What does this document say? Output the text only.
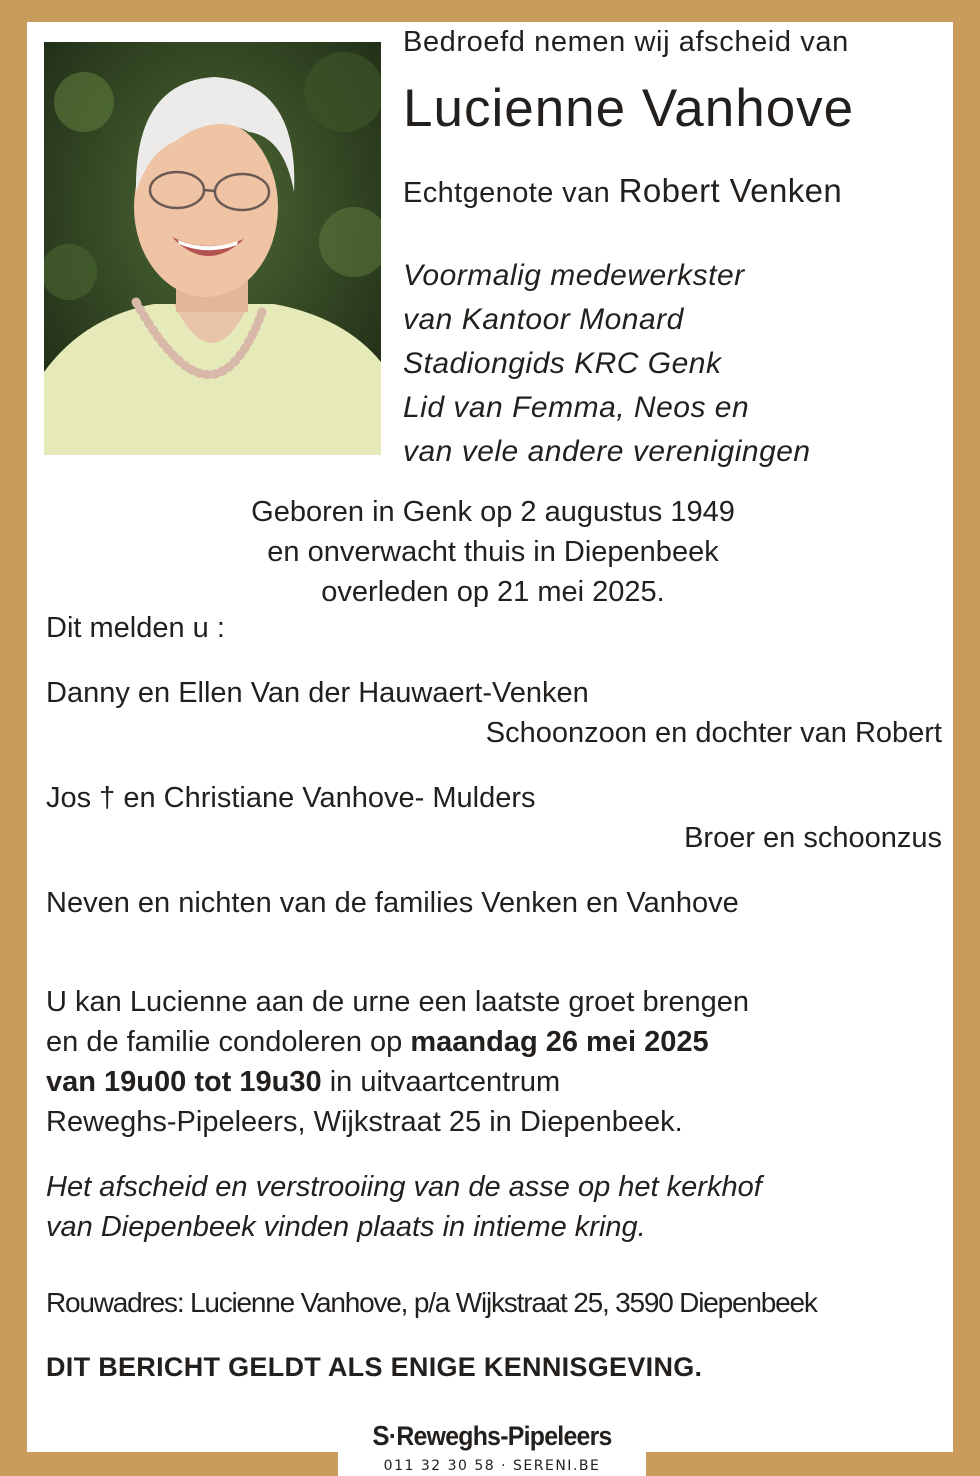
Bedroefd nemen wij afscheid van
Lucienne Vanhove
Echtgenote van Robert Venken
Voormalig medewerkster
van Kantoor Monard
Stadiongids KRC Genk
Lid van Femma, Neos en
van vele andere verenigingen
Geboren in Genk op 2 augustus 1949
en onverwacht thuis in Diepenbeek
overleden op 21 mei 2025.
Dit melden u :
Danny en Ellen Van der Hauwaert-Venken
Schoonzoon en dochter van Robert
Jos † en Christiane Vanhove- Mulders
Broer en schoonzus
Neven en nichten van de families Venken en Vanhove
U kan Lucienne aan de urne een laatste groet brengen
en de familie condoleren op maandag 26 mei 2025
van 19u00 tot 19u30 in uitvaartcentrum
Reweghs-Pipeleers, Wijkstraat 25 in Diepenbeek.
Het afscheid en verstrooiing van de asse op het kerkhof
van Diepenbeek vinden plaats in intieme kring.
Rouwadres: Lucienne Vanhove, p/a Wijkstraat 25, 3590 Diepenbeek
DIT BERICHT GELDT ALS ENIGE KENNISGEVING.
S·Reweghs-Pipeleers
011 32 30 58 · SERENI.BE
